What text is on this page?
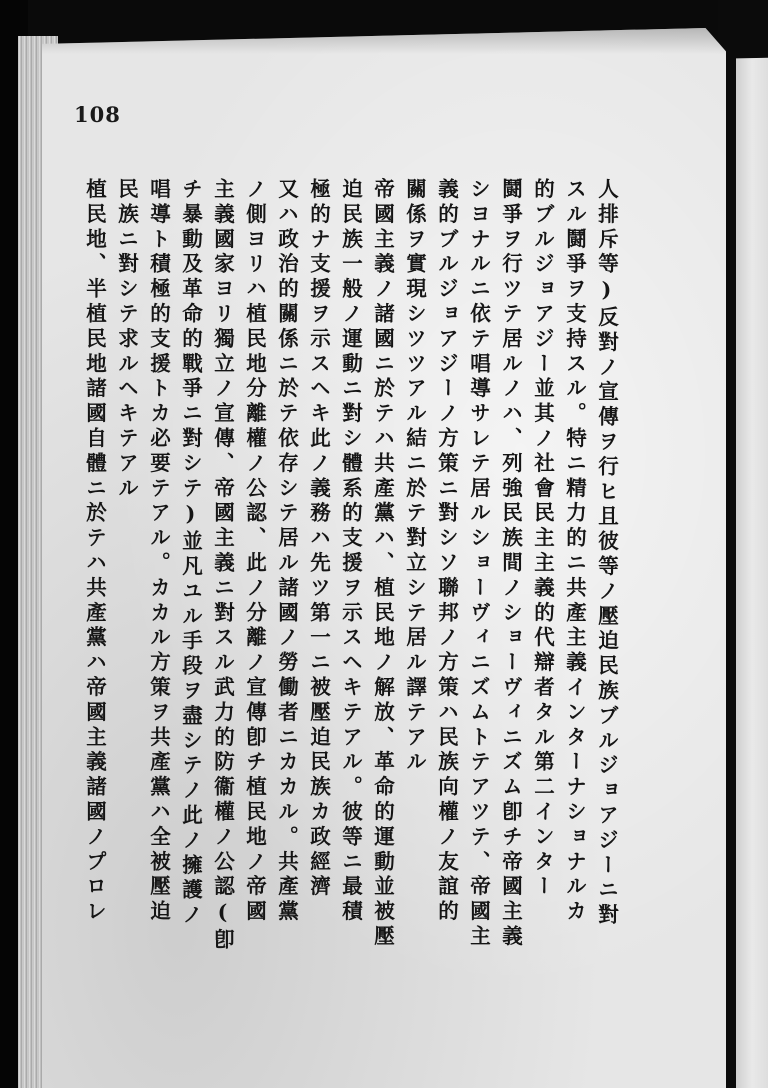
108
人排斥等)反對ノ宣傳ヲ行ヒ且彼等ノ壓迫民族ブルジョアジーニ對
スル鬪爭ヲ支持スル。特ニ精力的ニ共產主義インターナショナルカ
的ブルジョアジー並其ノ社會民主主義的代辯者タル第二インター
鬪爭ヲ行ツテ居ルノハ、列強民族間ノショーヴィニズム卽チ帝國主義
シヨナルニ依テ唱導サレテ居ルショーヴィニズムトテアツテ、帝國主
義的ブルジョアジーノ方策ニ對シソ聯邦ノ方策ハ民族向權ノ友誼的
關係ヲ實現シツツアル結ニ於テ對立シテ居ル譯テアル
帝國主義ノ諸國ニ於テハ共產黨ハ、植民地ノ解放、革命的運動並被壓
迫民族一般ノ運動ニ對シ體系的支援ヲ示スヘキテアル。彼等ニ最積
極的ナ支援ヲ示スヘキ此ノ義務ハ先ツ第一ニ被壓迫民族カ政經濟
又ハ政治的關係ニ於テ依存シテ居ル諸國ノ勞働者ニカカル。共產黨
ノ側ヨリハ植民地分離權ノ公認、此ノ分離ノ宣傳卽チ植民地ノ帝國
主義國家ヨリ獨立ノ宣傳、帝國主義ニ對スル武力的防衞權ノ公認(卽
チ暴動及革命的戰爭ニ對シテ)並凡ユル手段ヲ盡シテノ此ノ擁護ノ
唱導ト積極的支援トカ必要テアル。カカル方策ヲ共產黨ハ全被壓迫
民族ニ對シテ求ルヘキテアル
植民地、半植民地諸國自體ニ於テハ共產黨ハ帝國主義諸國ノプロレ
